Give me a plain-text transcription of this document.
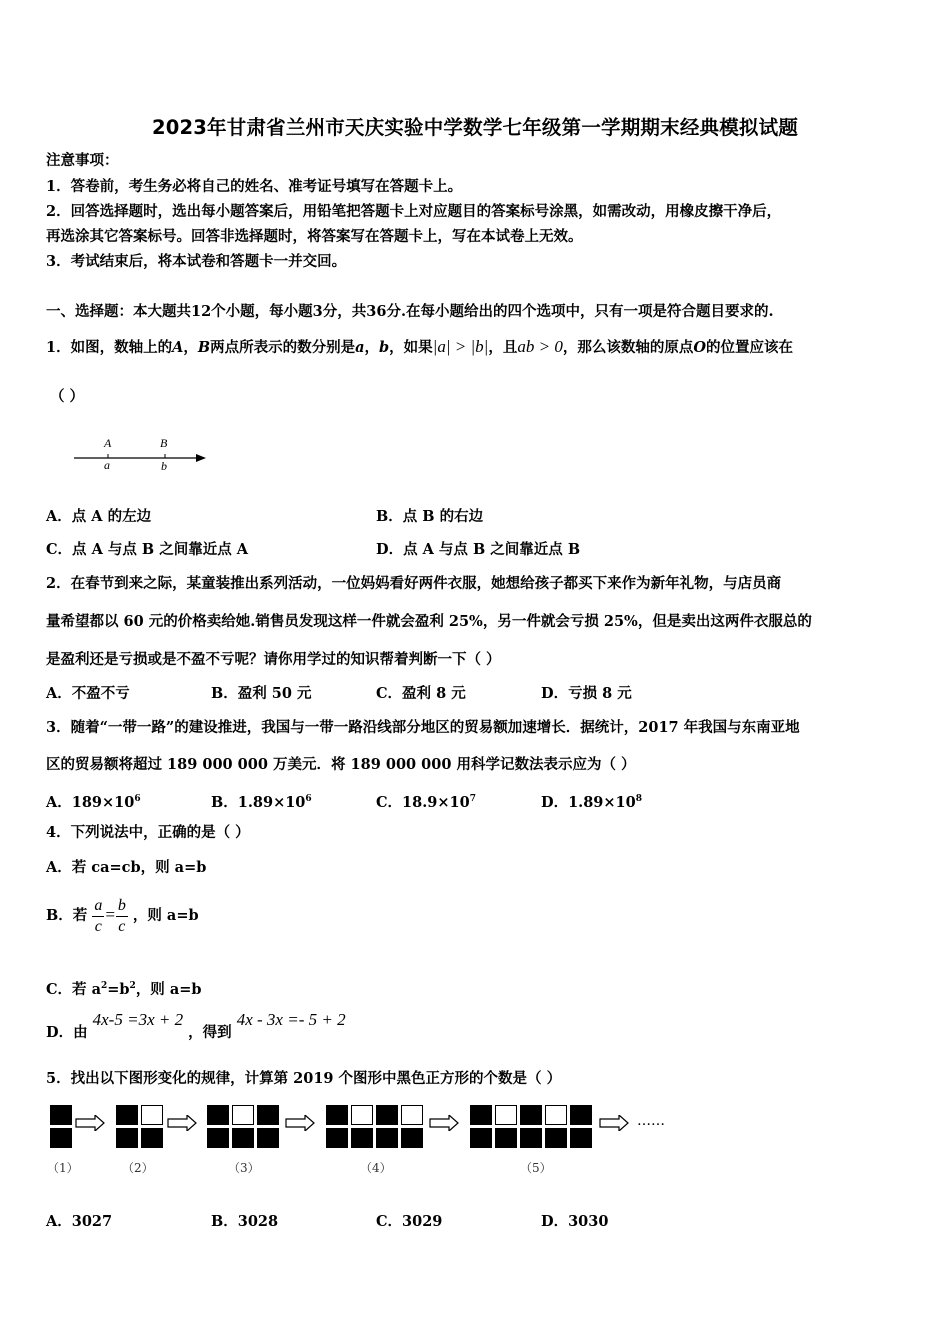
2023年甘肃省兰州市天庆实验中学数学七年级第一学期期末经典模拟试题
注意事项：
1．答卷前，考生务必将自己的姓名、准考证号填写在答题卡上。
2．回答选择题时，选出每小题答案后，用铅笔把答题卡上对应题目的答案标号涂黑，如需改动，用橡皮擦干净后，
再选涂其它答案标号。回答非选择题时，将答案写在答题卡上，写在本试卷上无效。
3．考试结束后，将本试卷和答题卡一并交回。
一、选择题：本大题共12个小题，每小题3分，共36分.在每小题给出的四个选项中，只有一项是符合题目要求的.
1．如图，数轴上的A，B两点所表示的数分别是a，b，如果|a| > |b|，且ab > 0，那么该数轴的原点O的位置应该在
（ ）
A	B
a	b
A．点 A 的左边	B．点 B 的右边
C．点 A 与点 B 之间靠近点 A	D．点 A 与点 B 之间靠近点 B
2．在春节到来之际，某童装推出系列活动，一位妈妈看好两件衣服，她想给孩子都买下来作为新年礼物，与店员商
量希望都以 60 元的价格卖给她.销售员发现这样一件就会盈利 25%，另一件就会亏损 25%，但是卖出这两件衣服总的
是盈利还是亏损或是不盈不亏呢？请你用学过的知识帮着判断一下（ ）
A．不盈不亏	B．盈利 50 元	C．盈利 8 元	D．亏损 8 元
3．随着“一带一路”的建设推进，我国与一带一路沿线部分地区的贸易额加速增长．据统计，2017 年我国与东南亚地
区的贸易额将超过 189 000 000 万美元．将 189 000 000 用科学记数法表示应为（ ）
A．$189\times 10^6$	B．$1.89\times 10^6$	C．$18.9\times 10^7$	D．$1.89\times 10^8$
4．下列说法中，正确的是（ ）
A．若 ca=cb，则 a=b
B．若 $\frac{a}{c} = \frac{b}{c}$ ，则 a=b
C．若 $a^2=b^2$，则 a=b
D．由 4x-5 =3x + 2 ，得到 4x - 3x =- 5 + 2
5．找出以下图形变化的规律，计算第 2019 个图形中黑色正方形的个数是（ ）
……
（1）	（2）	（3）	（4）	（5）
A．3027	B．3028	C．3029	D．3030
